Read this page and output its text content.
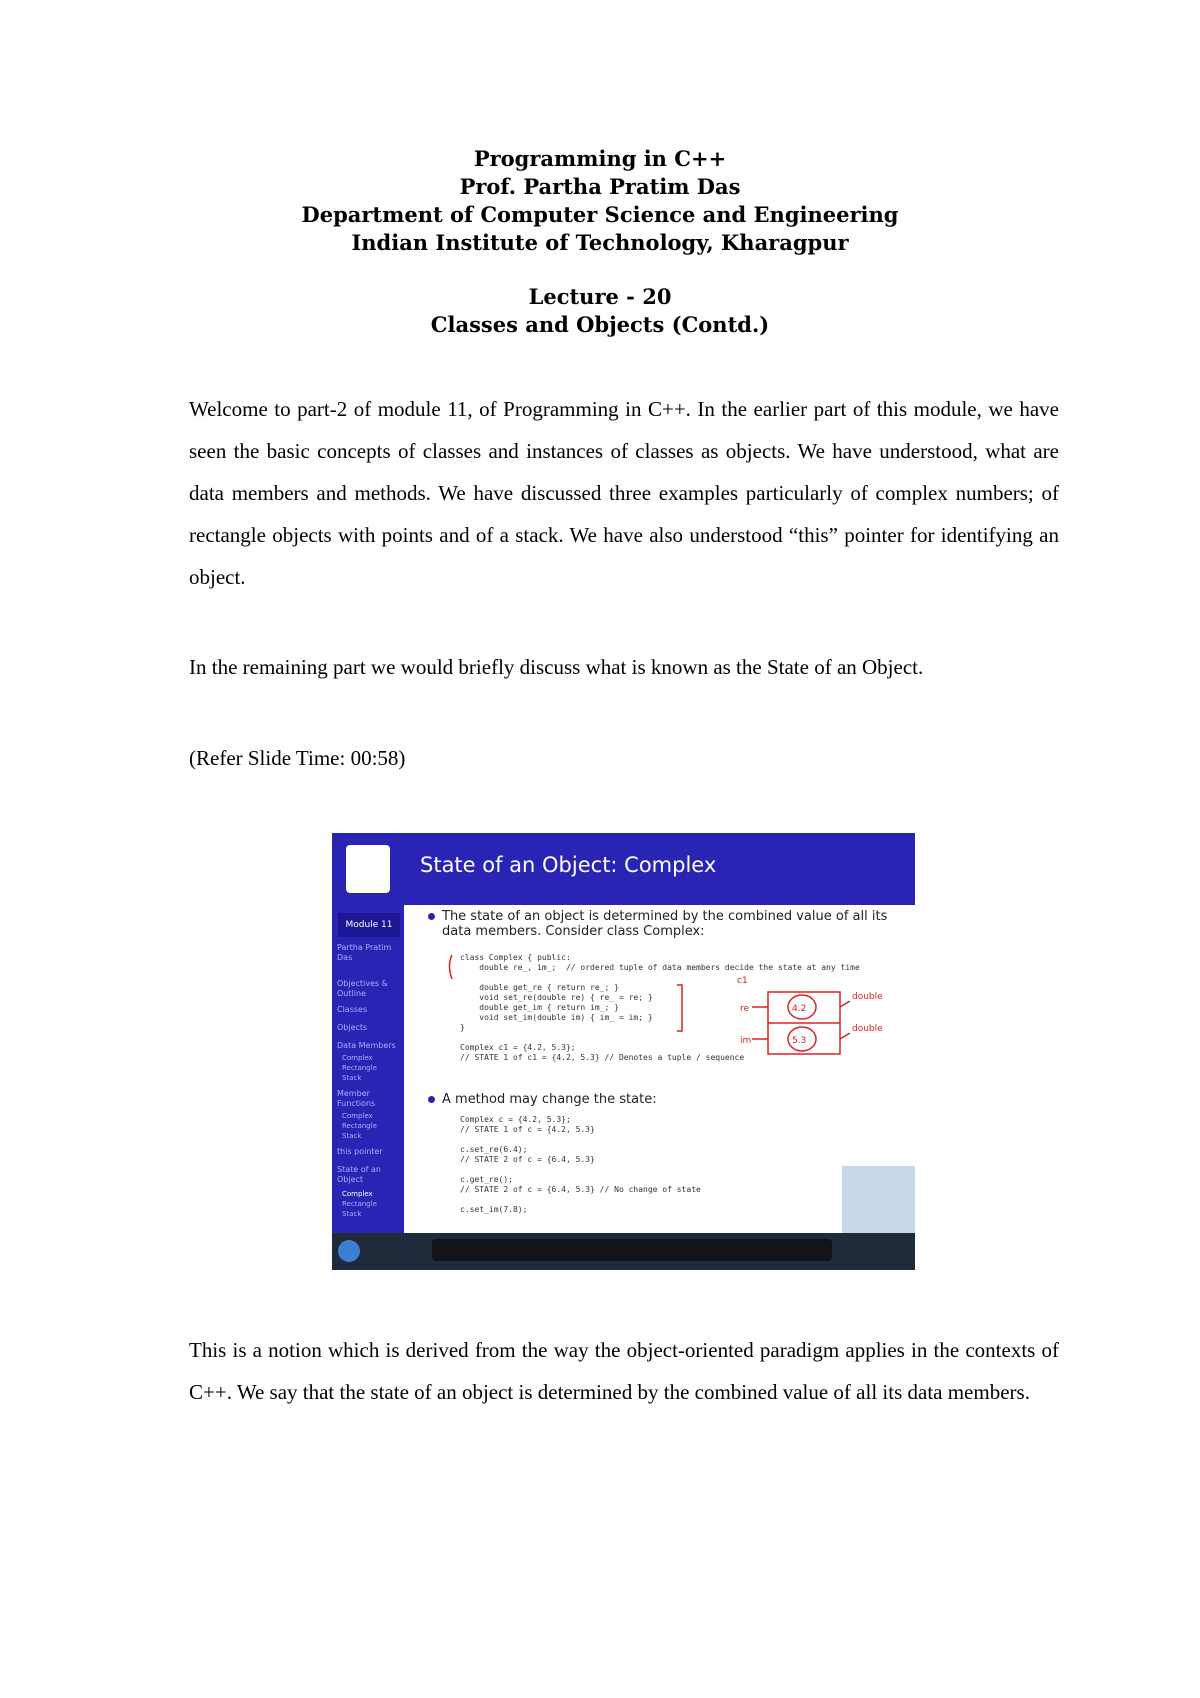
Programming in C++
Prof. Partha Pratim Das
Department of Computer Science and Engineering
Indian Institute of Technology, Kharagpur
Lecture - 20
Classes and Objects (Contd.)
Welcome to part-2 of module 11, of Programming in C++. In the earlier part of this module, we have seen the basic concepts of classes and instances of classes as objects. We have understood, what are data members and methods. We have discussed three examples particularly of complex numbers; of rectangle objects with points and of a stack. We have also understood “this” pointer for identifying an object.
In the remaining part we would briefly discuss what is known as the State of an Object.
(Refer Slide Time: 00:58)
State of an Object: Complex
Module 11
Partha Pratim Das
Objectives & Outline
Classes
Objects
Data Members
Complex
Rectangle
Stack
Member Functions
Complex
Rectangle
Stack
this pointer
State of an Object
Complex
Rectangle
Stack
The state of an object is determined by the combined value of all its data members. Consider class Complex:
class Complex { public:
double re_, im_;  // ordered tuple of data members decide the state at any time

double get_re { return re_; }
void set_re(double re) { re_ = re; }
double get_im { return im_; }
void set_im(double im) { im_ = im; }
}

Complex c1 = {4.2, 5.3};
// STATE 1 of c1 = {4.2, 5.3} // Denotes a tuple / sequence
A method may change the state:
Complex c = {4.2, 5.3};
// STATE 1 of c = {4.2, 5.3}

c.set_re(6.4);
// STATE 2 of c = {6.4, 5.3}

c.get_re();
// STATE 2 of c = {6.4, 5.3} // No change of state

c.set_im(7.8);
c1
re
im
4.2
5.3
double
double
This is a notion which is derived from the way the object-oriented paradigm applies in the contexts of C++. We say that the state of an object is determined by the combined value of all its data members.
